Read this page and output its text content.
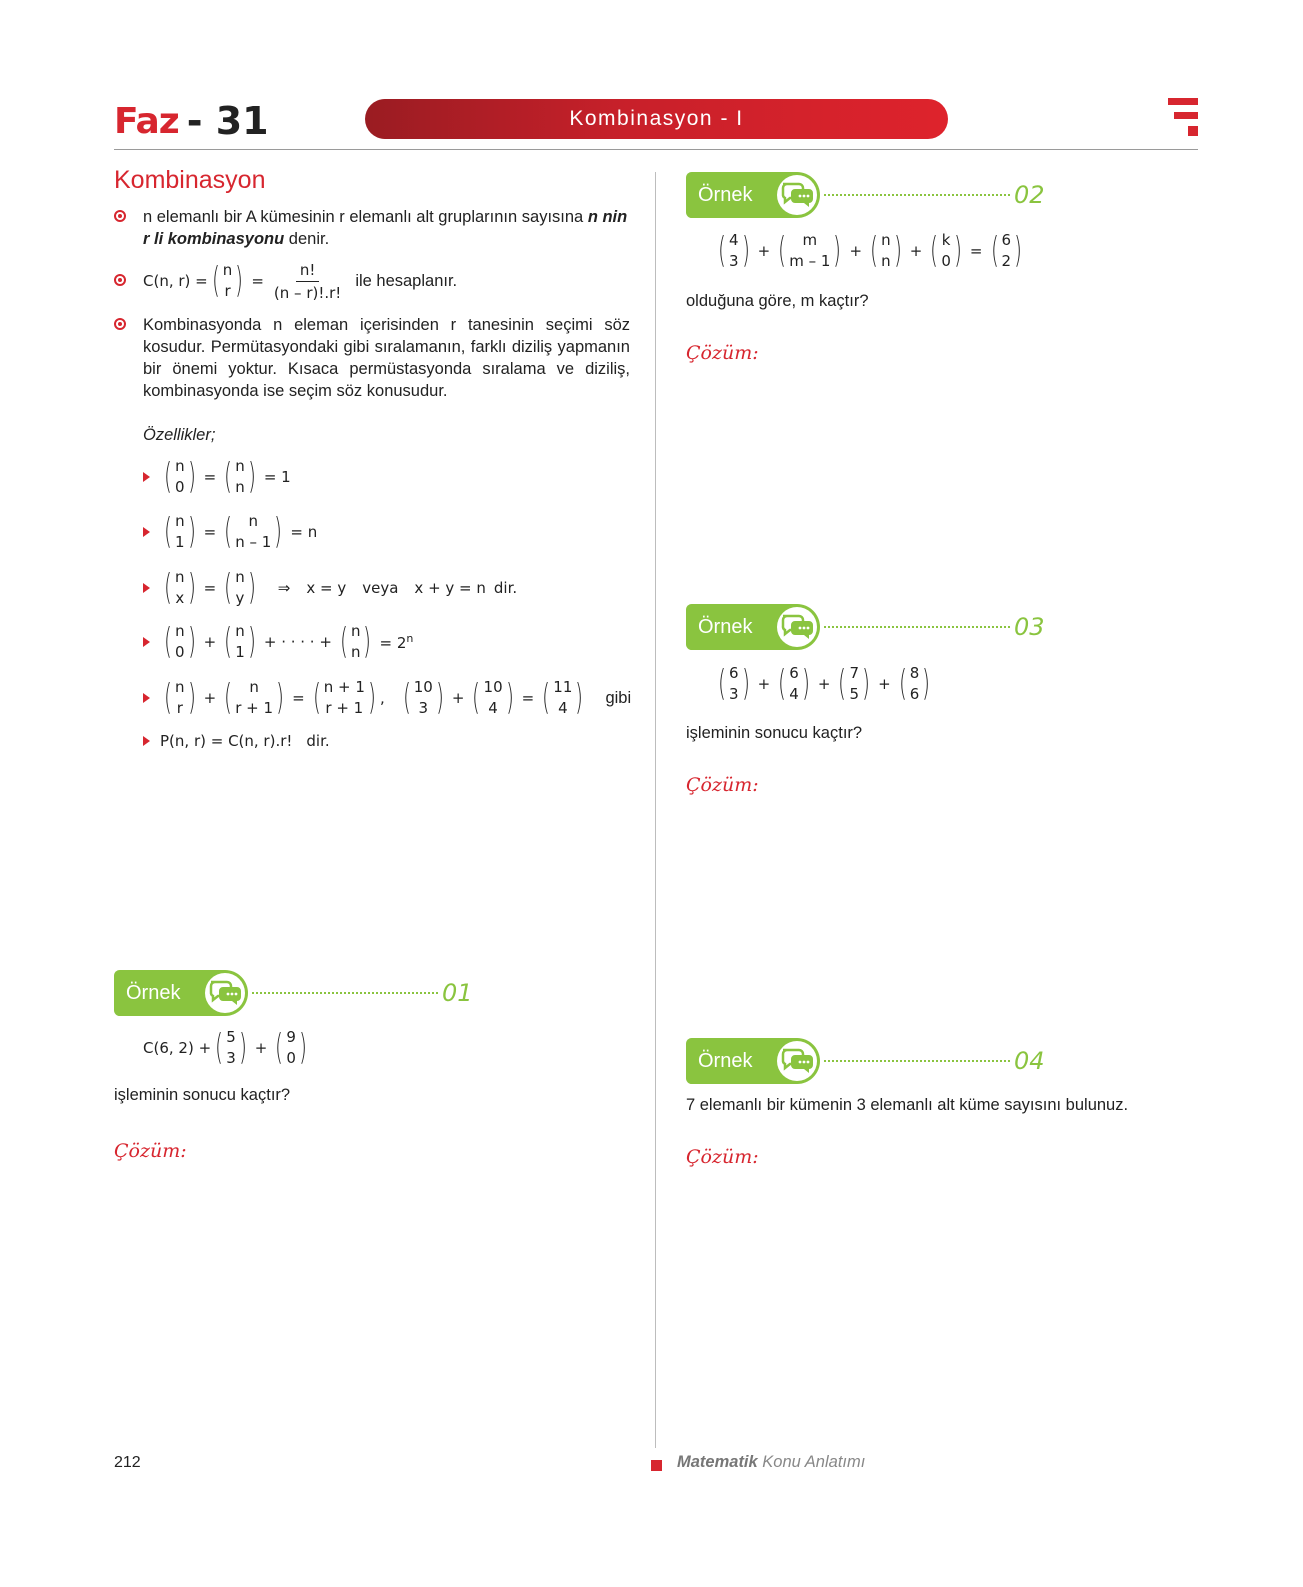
Faz - 31	Kombinasyon - I
Kombinasyon
n elemanlı bir A kümesinin r elemanlı alt gruplarının sayısına n nin r li kombinasyonu denir.
C(n, r) = ( n
r ) = $\frac{n!}{(n - r)!.r!}$ ile hesaplanır.
Kombinasyonda n eleman içerisinden r tanesinin seçimi söz kosudur. Permütasyondaki gibi sıralamanın, farklı diziliş yapmanın bir önemi yoktur. Kısaca permüstasyonda sıralama ve diziliş, kombinasyonda ise seçim söz konusudur.
Özellikler;
( n
0 ) = ( n
n ) = 1
( n
1 ) = ( n
n – 1 ) = n
( n
x ) = ( n
y ) ⇒ x = y veya x + y = n dir.
( n
0 ) + ( n
1 ) + · · · · + ( n
n ) = $2^n$
( n
r ) + ( n
r + 1 ) = ( n + 1
r + 1 ) , ( 10
3 ) + ( 10
4 ) = ( 11
4 ) gibi
P(n, r) = C(n, r).r! dir.
Örnek	01
C(6, 2) + ( 5
3 ) + ( 9
0 )
işleminin sonucu kaçtır?
Çözüm:
Örnek	02
( 4
3 ) + ( m
m – 1 ) + ( n
n ) + ( k
0 ) = ( 6
2 )
olduğuna göre, m kaçtır?
Çözüm:
Örnek	03
( 6
3 ) + ( 6
4 ) + ( 7
5 ) + ( 8
6 )
işleminin sonucu kaçtır?
Çözüm:
Örnek	04
7 elemanlı bir kümenin 3 elemanlı alt küme sayısını bulunuz.
Çözüm:
212	Matematik Konu Anlatımı
